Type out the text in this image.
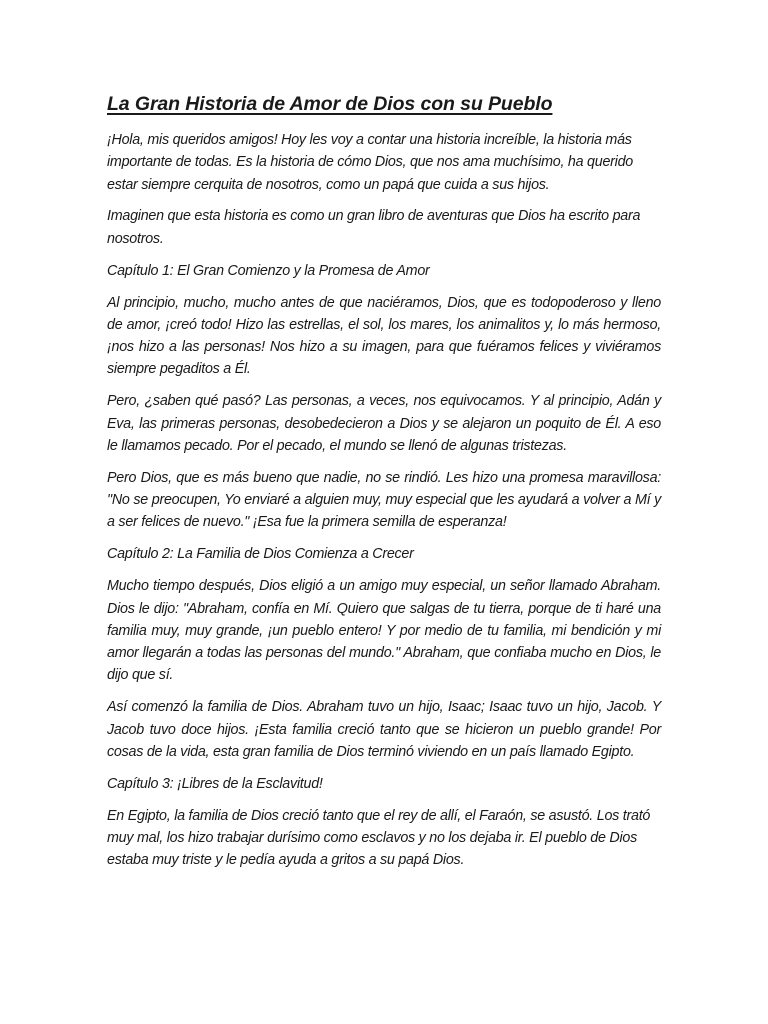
La Gran Historia de Amor de Dios con su Pueblo

¡Hola, mis queridos amigos! Hoy les voy a contar una historia increíble, la historia más importante de todas. Es la historia de cómo Dios, que nos ama muchísimo, ha querido estar siempre cerquita de nosotros, como un papá que cuida a sus hijos.

Imaginen que esta historia es como un gran libro de aventuras que Dios ha escrito para nosotros.

Capítulo 1: El Gran Comienzo y la Promesa de Amor

Al principio, mucho, mucho antes de que naciéramos, Dios, que es todopoderoso y lleno de amor, ¡creó todo! Hizo las estrellas, el sol, los mares, los animalitos y, lo más hermoso, ¡nos hizo a las personas! Nos hizo a su imagen, para que fuéramos felices y viviéramos siempre pegaditos a Él.

Pero, ¿saben qué pasó? Las personas, a veces, nos equivocamos. Y al principio, Adán y Eva, las primeras personas, desobedecieron a Dios y se alejaron un poquito de Él. A eso le llamamos pecado. Por el pecado, el mundo se llenó de algunas tristezas.

Pero Dios, que es más bueno que nadie, no se rindió. Les hizo una promesa maravillosa: "No se preocupen, Yo enviaré a alguien muy, muy especial que les ayudará a volver a Mí y a ser felices de nuevo." ¡Esa fue la primera semilla de esperanza!

Capítulo 2: La Familia de Dios Comienza a Crecer

Mucho tiempo después, Dios eligió a un amigo muy especial, un señor llamado Abraham. Dios le dijo: "Abraham, confía en Mí. Quiero que salgas de tu tierra, porque de ti haré una familia muy, muy grande, ¡un pueblo entero! Y por medio de tu familia, mi bendición y mi amor llegarán a todas las personas del mundo." Abraham, que confiaba mucho en Dios, le dijo que sí.

Así comenzó la familia de Dios. Abraham tuvo un hijo, Isaac; Isaac tuvo un hijo, Jacob. Y Jacob tuvo doce hijos. ¡Esta familia creció tanto que se hicieron un pueblo grande! Por cosas de la vida, esta gran familia de Dios terminó viviendo en un país llamado Egipto.

Capítulo 3: ¡Libres de la Esclavitud!

En Egipto, la familia de Dios creció tanto que el rey de allí, el Faraón, se asustó. Los trató muy mal, los hizo trabajar durísimo como esclavos y no los dejaba ir. El pueblo de Dios estaba muy triste y le pedía ayuda a gritos a su papá Dios.
